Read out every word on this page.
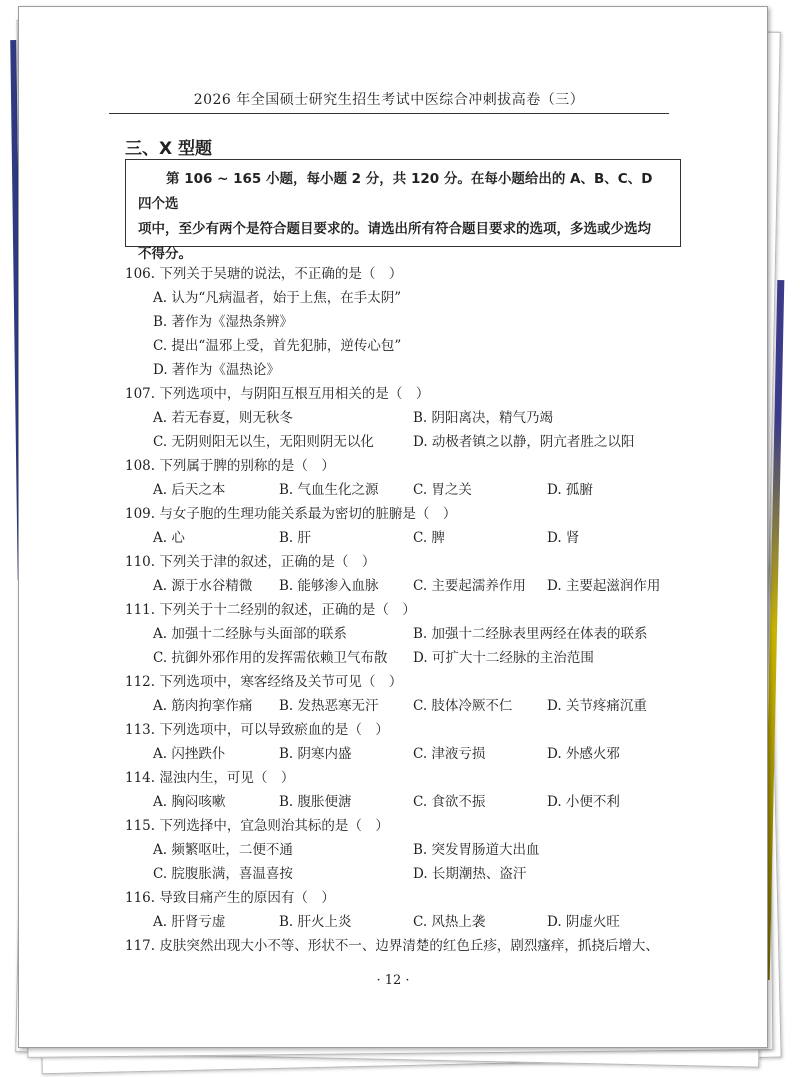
2026 年全国硕士研究生招生考试中医综合冲刺拔高卷（三）
三、X 型题
第 106 ~ 165 小题，每小题 2 分，共 120 分。在每小题给出的 A、B、C、D 四个选
项中，至少有两个是符合题目要求的。请选出所有符合题目要求的选项，多选或少选均
不得分。
106. 下列关于吴瑭的说法，不正确的是（　）
A. 认为“凡病温者，始于上焦，在手太阴”
B. 著作为《湿热条辨》
C. 提出“温邪上受，首先犯肺，逆传心包”
D. 著作为《温热论》
107. 下列选项中，与阴阳互根互用相关的是（　）
A. 若无春夏，则无秋冬	B. 阴阳离决，精气乃竭
C. 无阴则阳无以生，无阳则阴无以化	D. 动极者镇之以静，阴亢者胜之以阳
108. 下列属于脾的别称的是（　）
A. 后天之本	B. 气血生化之源	C. 胃之关	D. 孤腑
109. 与女子胞的生理功能关系最为密切的脏腑是（　）
A. 心	B. 肝	C. 脾	D. 肾
110. 下列关于津的叙述，正确的是（　）
A. 源于水谷精微 B. 能够渗入血脉	C. 主要起濡养作用 D. 主要起滋润作用
111. 下列关于十二经别的叙述，正确的是（　）
A. 加强十二经脉与头面部的联系	B. 加强十二经脉表里两经在体表的联系
C. 抗御外邪作用的发挥需依赖卫气布散 D. 可扩大十二经脉的主治范围
112. 下列选项中，寒客经络及关节可见（　）
A. 筋肉拘挛作痛 B. 发热恶寒无汗	C. 肢体冷厥不仁	D. 关节疼痛沉重
113. 下列选项中，可以导致瘀血的是（　）
A. 闪挫跌仆	B. 阴寒内盛	C. 津液亏损	D. 外感火邪
114. 湿浊内生，可见（　）
A. 胸闷咳嗽	B. 腹胀便溏	C. 食欲不振	D. 小便不利
115. 下列选择中，宜急则治其标的是（　）
A. 频繁呕吐，二便不通	B. 突发胃肠道大出血
C. 脘腹胀满，喜温喜按	D. 长期潮热、盗汗
116. 导致目痛产生的原因有（　）
A. 肝肾亏虚	B. 肝火上炎	C. 风热上袭	D. 阴虚火旺
117. 皮肤突然出现大小不等、形状不一、边界清楚的红色丘疹，剧烈瘙痒，抓挠后增大、
· 12 ·
